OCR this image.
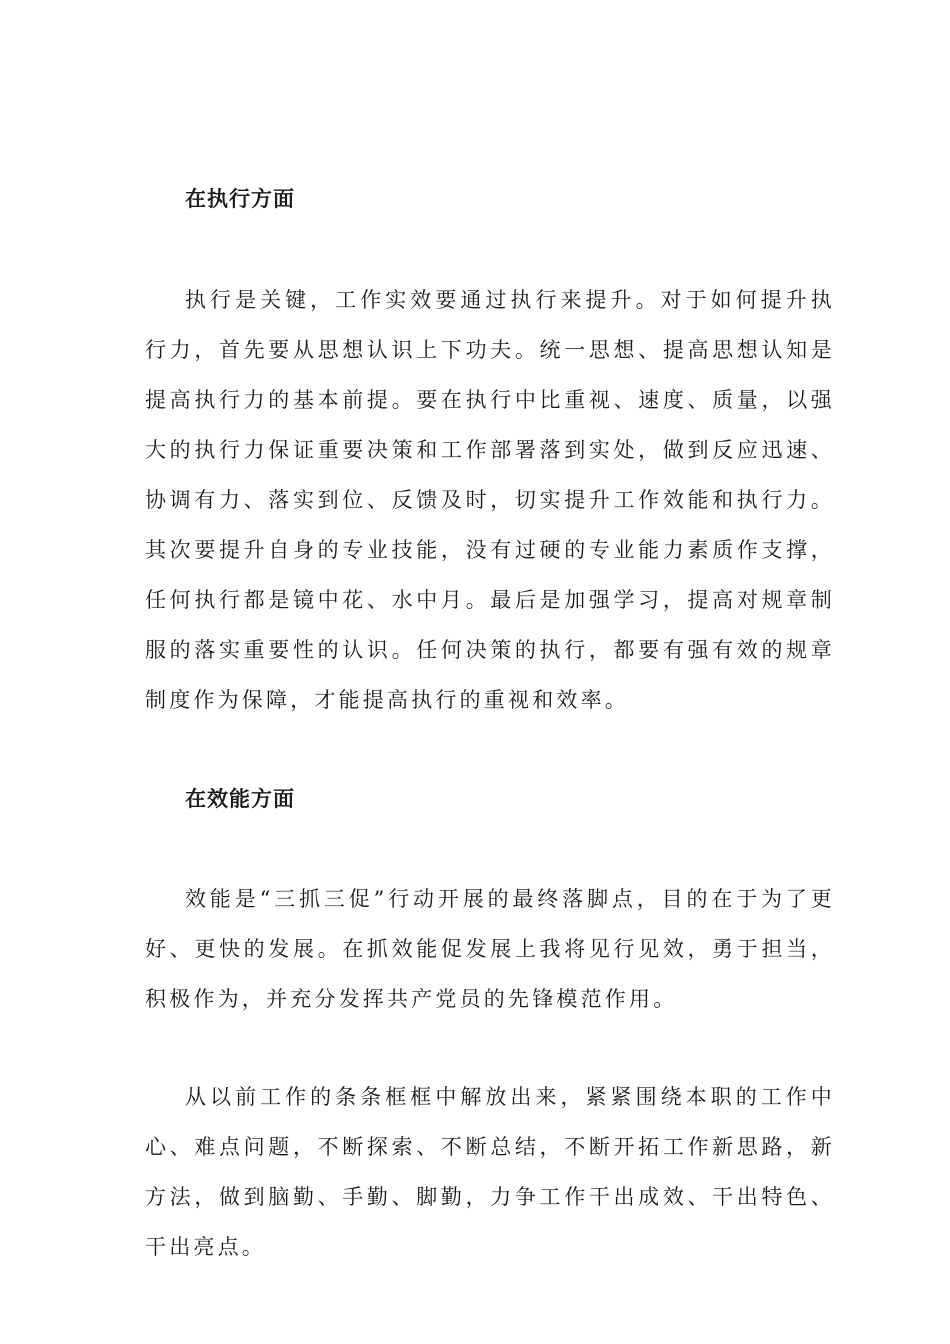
在执行方面
执行是关键，工作实效要通过执行来提升。对于如何提升执行力，首先要从思想认识上下功夫。统一思想、提高思想认知是提高执行力的基本前提。要在执行中比重视、速度、质量，以强大的执行力保证重要决策和工作部署落到实处，做到反应迅速、协调有力、落实到位、反馈及时，切实提升工作效能和执行力。其次要提升自身的专业技能，没有过硬的专业能力素质作支撑，任何执行都是镜中花、水中月。最后是加强学习，提高对规章制服的落实重要性的认识。任何决策的执行，都要有强有效的规章制度作为保障，才能提高执行的重视和效率。
在效能方面
效能是“三抓三促”行动开展的最终落脚点，目的在于为了更好、更快的发展。在抓效能促发展上我将见行见效，勇于担当，积极作为，并充分发挥共产党员的先锋模范作用。
从以前工作的条条框框中解放出来，紧紧围绕本职的工作中心、难点问题，不断探索、不断总结，不断开拓工作新思路，新方法，做到脑勤、手勤、脚勤，力争工作干出成效、干出特色、干出亮点。
